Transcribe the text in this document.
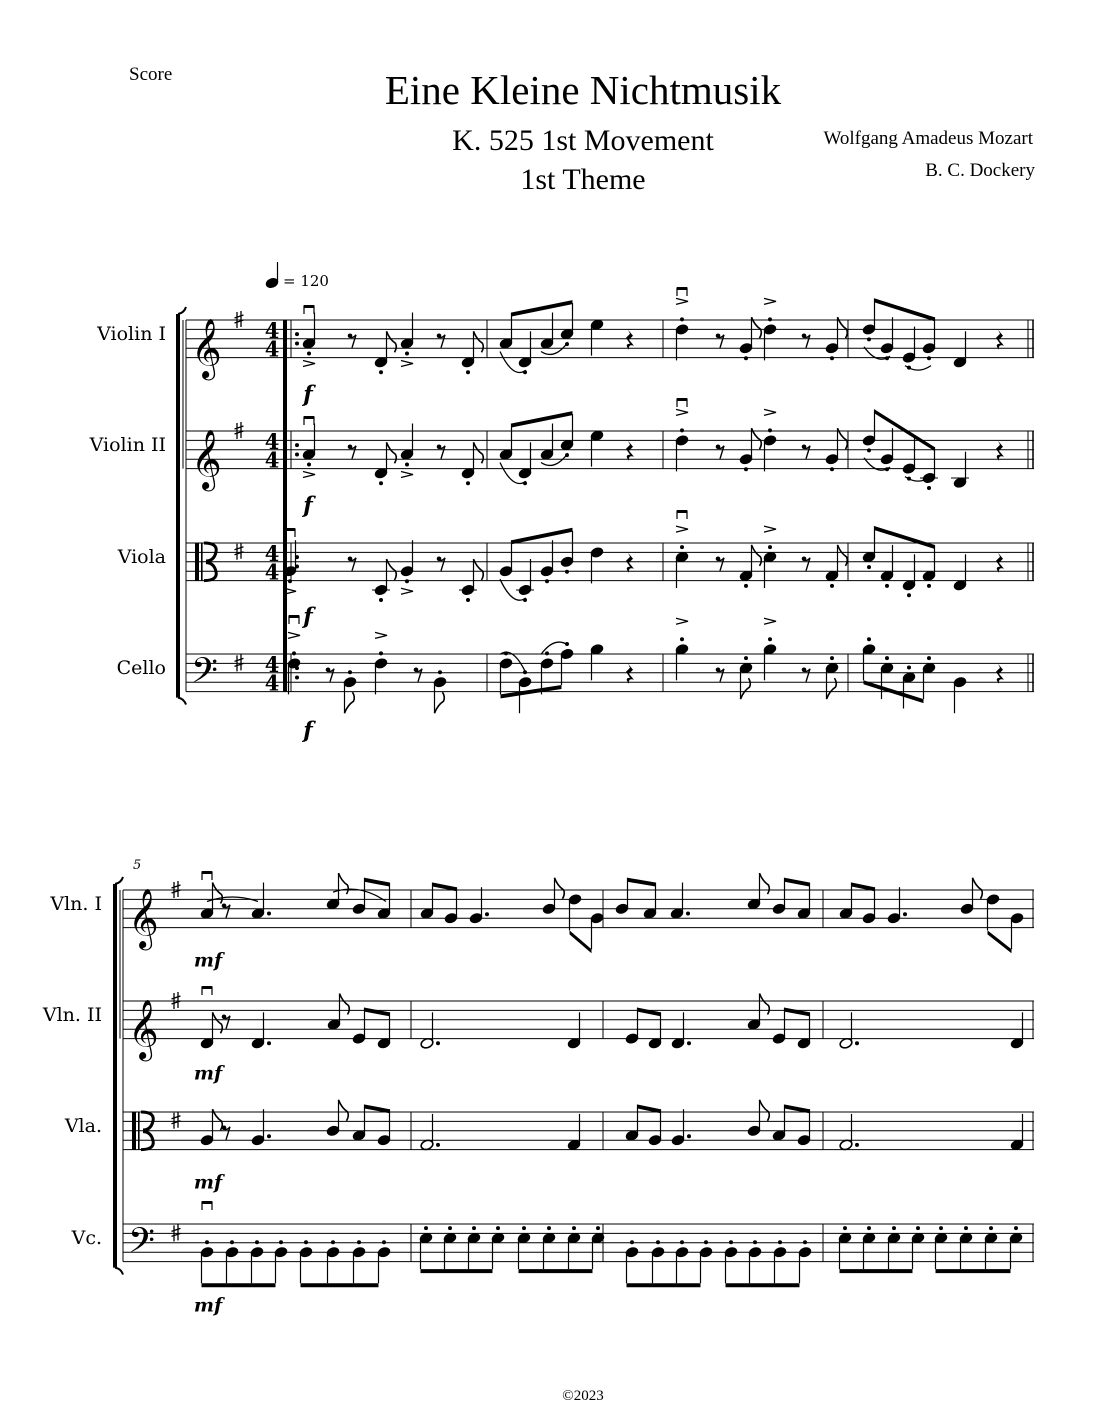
Score	Eine Kleine Nichtmusik
K. 525 1st Movement
1st Theme
Wolfgang Amadeus Mozart
B. C. Dockery
Violin I
Violin II
Viola
Cello
Vln. I
Vln. II
Vla.
Vc.
5
𝄞
𝄞
𝄢
𝄞
𝄞
𝄢
4
4
4
4
4
4
4
4
= 120
f
f
f
f
mf
mf
mf
mf
©2023
